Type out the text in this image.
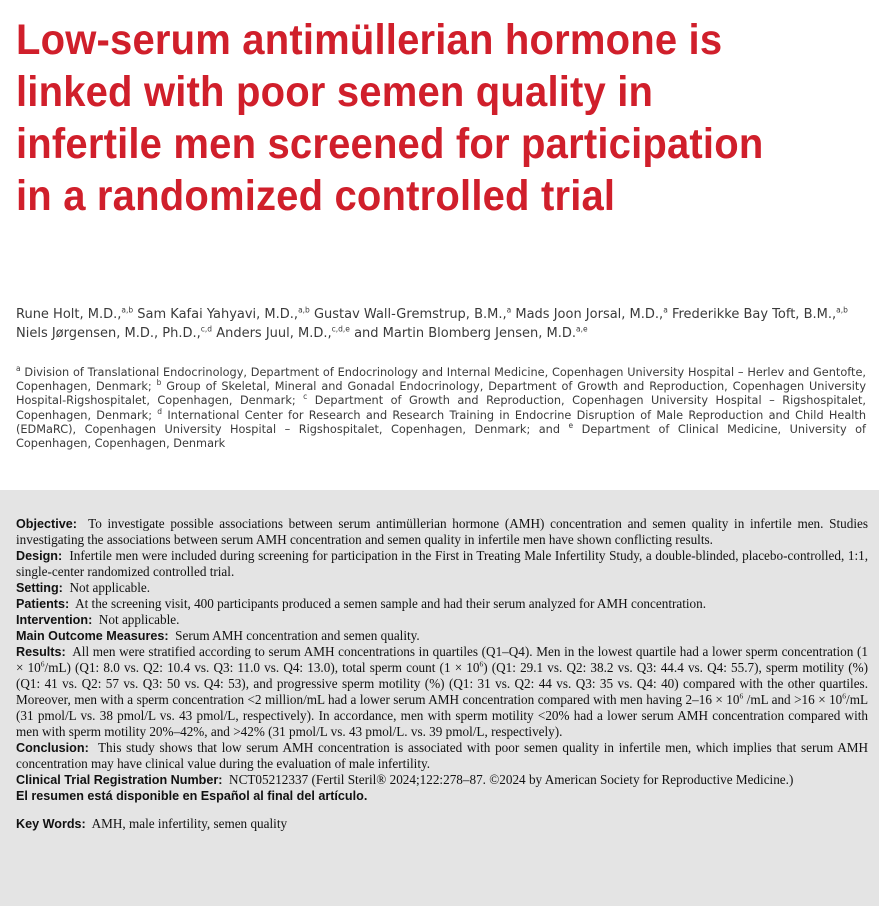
Low-serum antimüllerian hormone is linked with poor semen quality in infertile men screened for participation in a randomized controlled trial
Rune Holt, M.D.,$^{a,b}$ Sam Kafai Yahyavi, M.D.,$^{a,b}$ Gustav Wall-Gremstrup, B.M.,$^a$ Mads Joon Jorsal, M.D.,$^a$ Frederikke Bay Toft, B.M.,$^{a,b}$ Niels Jørgensen, M.D., Ph.D.,$^{c,d}$ Anders Juul, M.D.,$^{c,d,e}$ and Martin Blomberg Jensen, M.D.$^{a,e}$
$^a$ Division of Translational Endocrinology, Department of Endocrinology and Internal Medicine, Copenhagen University Hospital – Herlev and Gentofte, Copenhagen, Denmark; $^b$ Group of Skeletal, Mineral and Gonadal Endocrinology, Department of Growth and Reproduction, Copenhagen University Hospital-Rigshospitalet, Copenhagen, Denmark; $^c$ Department of Growth and Reproduction, Copenhagen University Hospital – Rigshospitalet, Copenhagen, Denmark; $^d$ International Center for Research and Research Training in Endocrine Disruption of Male Reproduction and Child Health (EDMaRC), Copenhagen University Hospital – Rigshospitalet, Copenhagen, Denmark; and $^e$ Department of Clinical Medicine, University of Copenhagen, Copenhagen, Denmark

Objective: To investigate possible associations between serum antimüllerian hormone (AMH) concentration and semen quality in infertile men. Studies investigating the associations between serum AMH concentration and semen quality in infertile men have shown conflicting results.

Design: Infertile men were included during screening for participation in the First in Treating Male Infertility Study, a double-blinded, placebo-controlled, 1:1, single-center randomized controlled trial.

Setting: Not applicable.

Patients: At the screening visit, 400 participants produced a semen sample and had their serum analyzed for AMH concentration.

Intervention: Not applicable.

Main Outcome Measures: Serum AMH concentration and semen quality.

Results: All men were stratified according to serum AMH concentrations in quartiles (Q1–Q4). Men in the lowest quartile had a lower sperm concentration $(1 \times 10^6/mL)$ (Q1: 8.0 vs. Q2: 10.4 vs. Q3: 11.0 vs. Q4: 13.0), total sperm count $(1 \times 10^6)$ (Q1: 29.1 vs. Q2: 38.2 vs. Q3: 44.4 vs. Q4: 55.7), sperm motility (%) (Q1: 41 vs. Q2: 57 vs. Q3: 50 vs. Q4: 53), and progressive sperm motility (%) (Q1: 31 vs. Q2: 44 vs. Q3: 35 vs. Q4: 40) compared with the other quartiles. Moreover, men with a sperm concentration <2 million/mL had a lower serum AMH concentration compared with men having $2-16 \times 10^6$ /mL and $>16 \times 10^6/mL$ (31 pmol/L vs. 38 pmol/L vs. 43 pmol/L, respectively). In accordance, men with sperm motility <20% had a lower serum AMH concentration compared with men with sperm motility 20%–42%, and >42% (31 pmol/L vs. 43 pmol/L. vs. 39 pmol/L, respectively).

Conclusion: This study shows that low serum AMH concentration is associated with poor semen quality in infertile men, which implies that serum AMH concentration may have clinical value during the evaluation of male infertility.

Clinical Trial Registration Number: NCT05212337 (Fertil Steril® 2024;122:278–87. ©2024 by American Society for Reproductive Medicine.)

El resumen está disponible en Español al final del artículo.

Key Words: AMH, male infertility, semen quality
